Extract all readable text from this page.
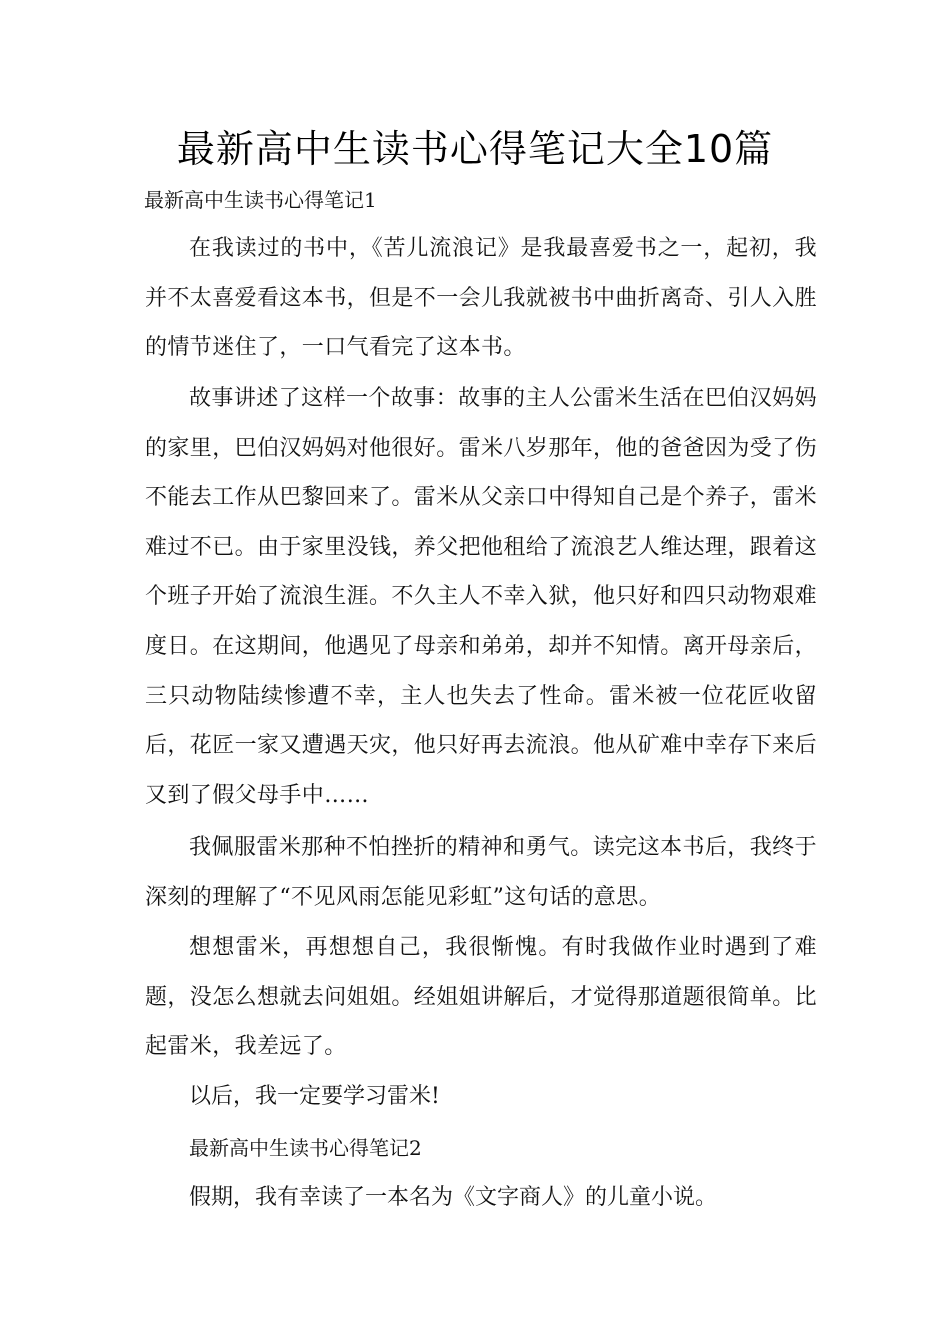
最新高中生读书心得笔记大全10篇

最新高中生读书心得笔记1

在我读过的书中，《苦儿流浪记》是我最喜爱书之一，起初，我并不太喜爱看这本书，但是不一会儿我就被书中曲折离奇、引人入胜的情节迷住了，一口气看完了这本书。

故事讲述了这样一个故事：故事的主人公雷米生活在巴伯汉妈妈的家里，巴伯汉妈妈对他很好。雷米八岁那年，他的爸爸因为受了伤不能去工作从巴黎回来了。雷米从父亲口中得知自己是个养子，雷米难过不已。由于家里没钱，养父把他租给了流浪艺人维达理，跟着这个班子开始了流浪生涯。不久主人不幸入狱，他只好和四只动物艰难度日。在这期间，他遇见了母亲和弟弟，却并不知情。离开母亲后，三只动物陆续惨遭不幸，主人也失去了性命。雷米被一位花匠收留后，花匠一家又遭遇天灾，他只好再去流浪。他从矿难中幸存下来后又到了假父母手中……

我佩服雷米那种不怕挫折的精神和勇气。读完这本书后，我终于深刻的理解了“不见风雨怎能见彩虹”这句话的意思。

想想雷米，再想想自己，我很惭愧。有时我做作业时遇到了难题，没怎么想就去问姐姐。经姐姐讲解后，才觉得那道题很简单。比起雷米，我差远了。

以后，我一定要学习雷米!

最新高中生读书心得笔记2

假期，我有幸读了一本名为《文字商人》的儿童小说。
